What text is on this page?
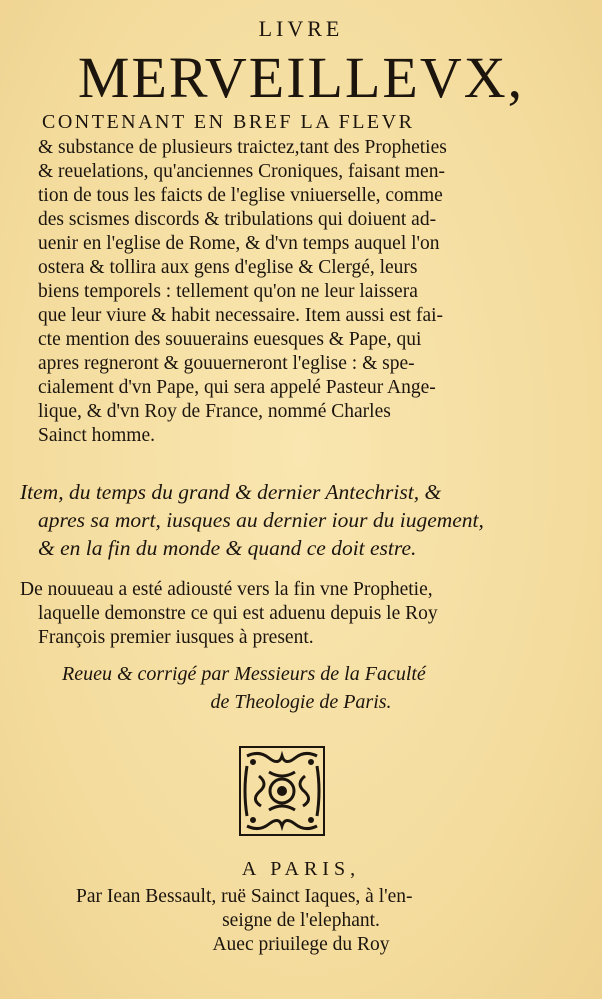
LIVRE
MERVEILLEVX,
CONTENANT EN BREF LA FLEVR
& substance de plusieurs traictez,tant des Propheties
& reuelations, qu'anciennes Croniques, faisant men-
tion de tous les faicts de l'eglise vniuerselle, comme
des scismes discords & tribulations qui doiuent ad-
uenir en l'eglise de Rome, & d'vn temps auquel l'on
ostera & tollira aux gens d'eglise & Clergé, leurs
biens temporels : tellement qu'on ne leur laissera
que leur viure & habit necessaire. Item aussi est fai-
cte mention des souuerains euesques & Pape, qui
apres regneront & gouuerneront l'eglise : & spe-
cialement d'vn Pape, qui sera appelé Pasteur Ange-
lique, & d'vn Roy de France, nommé Charles
Sainct homme.
Item, du temps du grand & dernier Antechrist, &
apres sa mort, iusques au dernier iour du iugement,
& en la fin du monde & quand ce doit estre.
De nouueau a esté adiousté vers la fin vne Prophetie,
laquelle demonstre ce qui est aduenu depuis le Roy
François premier iusques à present.
Reueu & corrigé par Messieurs de la Faculté
de Theologie de Paris.
A PARIS,
Par Iean Bessault, ruë Sainct Iaques, à l'en-
seigne de l'elephant.
Auec priuilege du Roy
